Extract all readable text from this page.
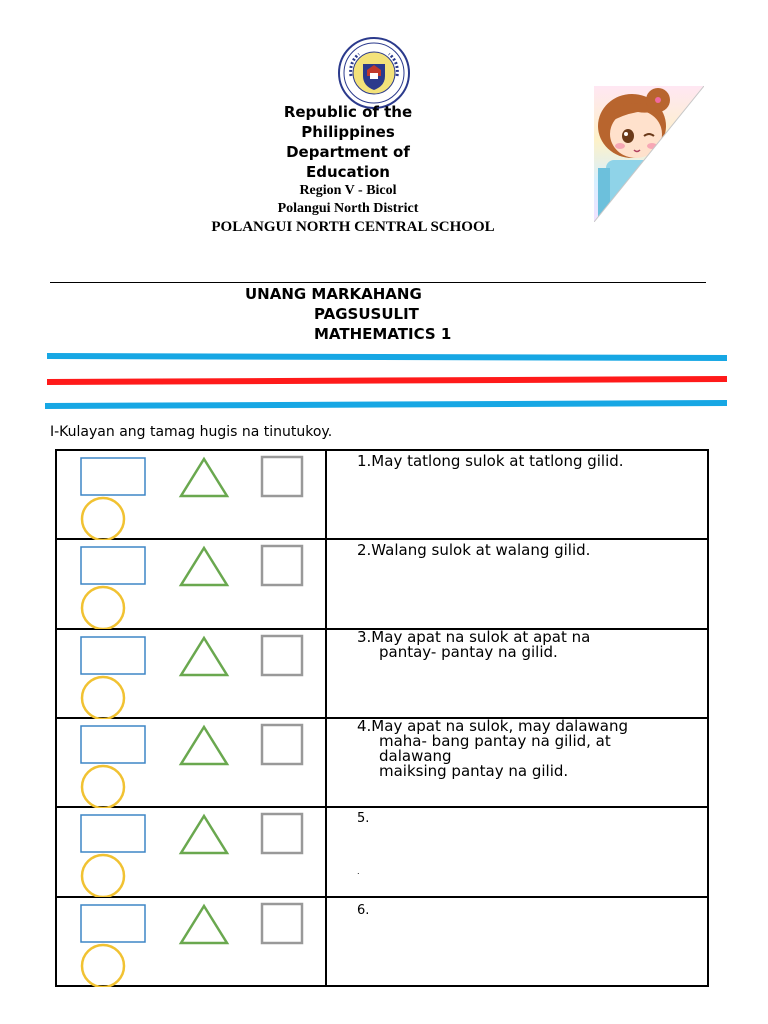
Republic of the
Philippines
Department of
Education
Region V - Bicol
Polangui North District
POLANGUI NORTH CENTRAL SCHOOL
UNANG MARKAHANG
PAGSUSULIT
MATHEMATICS 1
I-Kulayan ang tamag hugis na tinutukoy.

1.May tatlong sulok at tatlong gilid.

2.Walang sulok at walang gilid.

3.May apat na sulok at apat na
pantay- pantay na gilid.

4.May apat na sulok, may dalawang
maha- bang pantay na gilid, at
dalawang
maiksing pantay na gilid.

5.
.

6.
